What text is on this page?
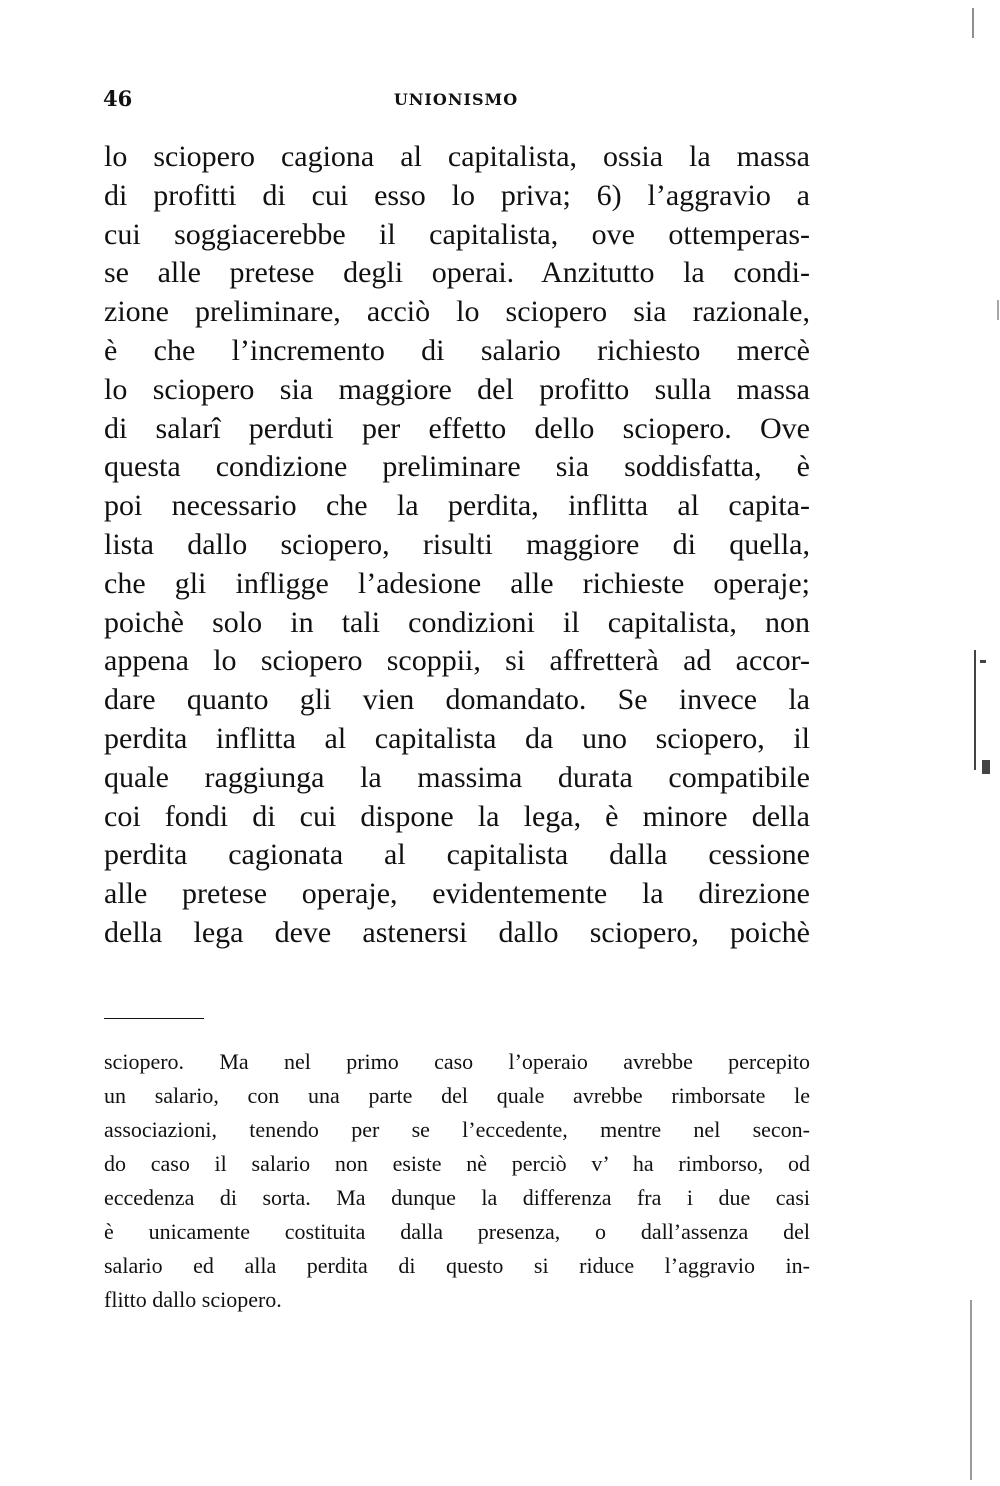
46	UNIONISMO
lo sciopero cagiona al capitalista, ossia la massa
di profitti di cui esso lo priva; 6) l’aggravio a
cui soggiacerebbe il capitalista, ove ottemperas-
se alle pretese degli operai. Anzitutto la condi-
zione preliminare, acciò lo sciopero sia razionale,
è che l’incremento di salario richiesto mercè
lo sciopero sia maggiore del profitto sulla massa
di salarî perduti per effetto dello sciopero. Ove
questa condizione preliminare sia soddisfatta, è
poi necessario che la perdita, inflitta al capita-
lista dallo sciopero, risulti maggiore di quella,
che gli infligge l’adesione alle richieste operaje;
poichè solo in tali condizioni il capitalista, non
appena lo sciopero scoppii, si affretterà ad accor-
dare quanto gli vien domandato. Se invece la
perdita inflitta al capitalista da uno sciopero, il
quale raggiunga la massima durata compatibile
coi fondi di cui dispone la lega, è minore della
perdita cagionata al capitalista dalla cessione
alle pretese operaje, evidentemente la direzione
della lega deve astenersi dallo sciopero, poichè
sciopero. Ma nel primo caso l’operaio avrebbe percepito
un salario, con una parte del quale avrebbe rimborsate le
associazioni, tenendo per se l’eccedente, mentre nel secon-
do caso il salario non esiste nè perciò v’ ha rimborso, od
eccedenza di sorta. Ma dunque la differenza fra i due casi
è unicamente costituita dalla presenza, o dall’assenza del
salario ed alla perdita di questo si riduce l’aggravio in-
flitto dallo sciopero.
